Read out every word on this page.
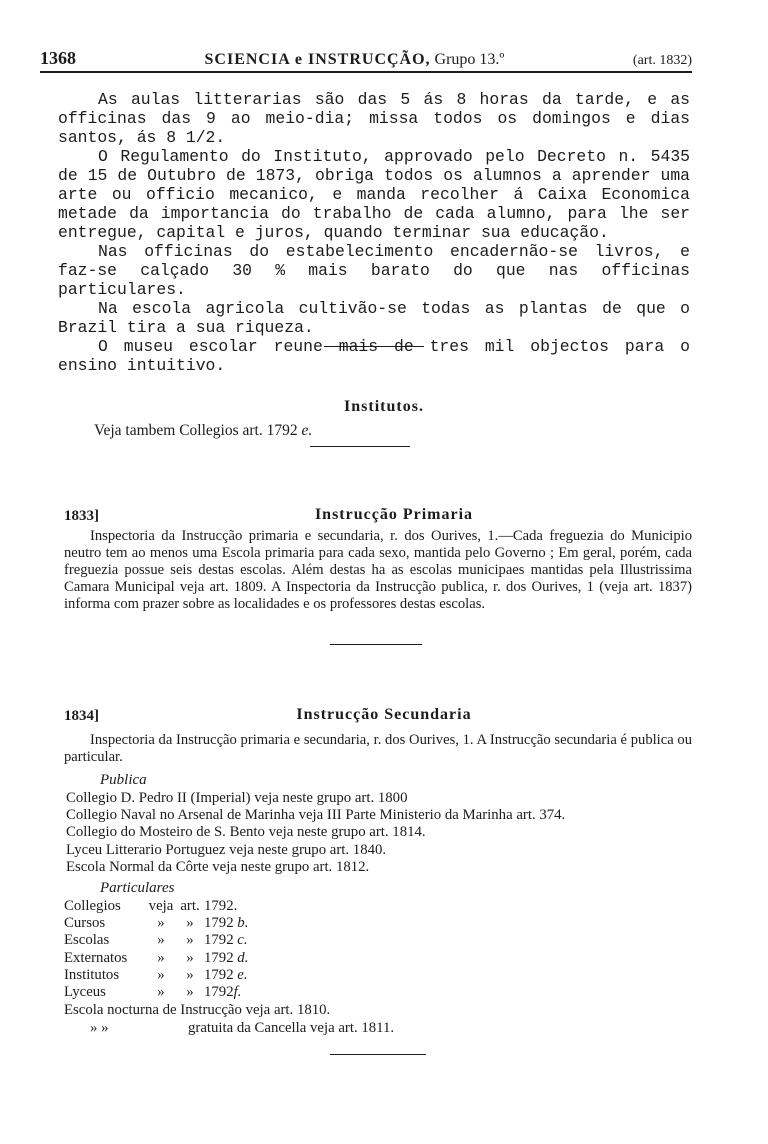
1368	SCIENCIA e INSTRUCÇÃO, Grupo 13.º	(art. 1832)

As aulas litterarias são das 5 ás 8 horas da tarde, e as officinas das 9 ao meio-dia; missa todos os domingos e dias santos, ás 8 1/2.

O Regulamento do Instituto, approvado pelo Decreto n. 5435 de 15 de Outubro de 1873, obriga todos os alumnos a aprender uma arte ou officio mecanico, e manda recolher á Caixa Economica metade da importancia do trabalho de cada alumno, para lhe ser entregue, capital e juros, quando terminar sua educação.

Nas officinas do estabelecimento encadernão-se livros, e faz-se calçado 30 % mais barato do que nas officinas particulares.

Na escola agricola cultivão-se todas as plantas de que o Brazil tira a sua riqueza.

O museu escolar reune mais de tres mil objectos para o ensino intuitivo.

Institutos.
Veja tambem Collegios art. 1792 e.
1833]	Instrucção Primaria

Inspectoria da Instrucção primaria e secundaria, r. dos Ourives, 1.—Cada freguezia do Municipio neutro tem ao menos uma Escola primaria para cada sexo, mantida pelo Governo ; Em geral, porém, cada freguezia possue seis destas escolas. Além destas ha as escolas municipaes mantidas pela Illustrissima Camara Municipal veja art. 1809. A Inspectoria da Instrucção publica, r. dos Ourives, 1 (veja art. 1837) informa com prazer sobre as localidades e os professores destas escolas.

1834]	Instrucção Secundaria

Inspectoria da Instrucção primaria e secundaria, r. dos Ourives, 1. A Instrucção secundaria é publica ou particular.

Publica
Collegio D. Pedro II (Imperial) veja neste grupo art. 1800
Collegio Naval no Arsenal de Marinha veja III Parte Ministerio da Marinha art. 374.
Collegio do Mosteiro de S. Bento veja neste grupo art. 1814.
Lyceu Litterario Portuguez veja neste grupo art. 1840.
Escola Normal da Côrte veja neste grupo art. 1812.
Particulares
Collegios	veja art. 1792.
Cursos	»	» 1792 b.
Escolas	»	» 1792 c.
Externatos	»	» 1792 d.
Institutos	»	» 1792 e.
Lyceus	»	» 1792f.
Escola nocturna de Instrucção veja art. 1810.
» »	gratuita da Cancella veja art. 1811.
